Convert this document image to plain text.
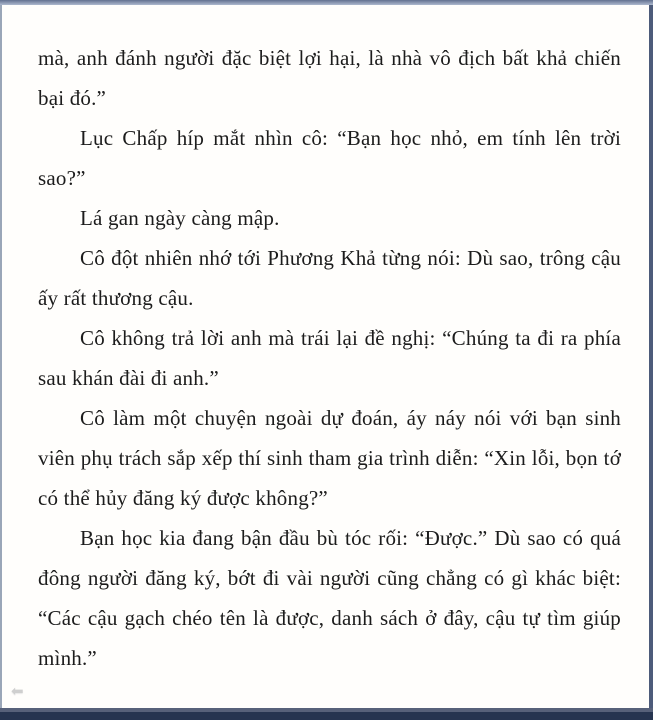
mà, anh đánh người đặc biệt lợi hại, là nhà vô địch bất khả chiến bại đó.”

Lục Chấp híp mắt nhìn cô: “Bạn học nhỏ, em tính lên trời sao?”

Lá gan ngày càng mập.

Cô đột nhiên nhớ tới Phương Khả từng nói: Dù sao, trông cậu ấy rất thương cậu.

Cô không trả lời anh mà trái lại đề nghị: “Chúng ta đi ra phía sau khán đài đi anh.”

Cô làm một chuyện ngoài dự đoán, áy náy nói với bạn sinh viên phụ trách sắp xếp thí sinh tham gia trình diễn: “Xin lỗi, bọn tớ có thể hủy đăng ký được không?”

Bạn học kia đang bận đầu bù tóc rối: “Được.” Dù sao có quá đông người đăng ký, bớt đi vài người cũng chẳng có gì khác biệt: “Các cậu gạch chéo tên là được, danh sách ở đây, cậu tự tìm giúp mình.”

⬅
